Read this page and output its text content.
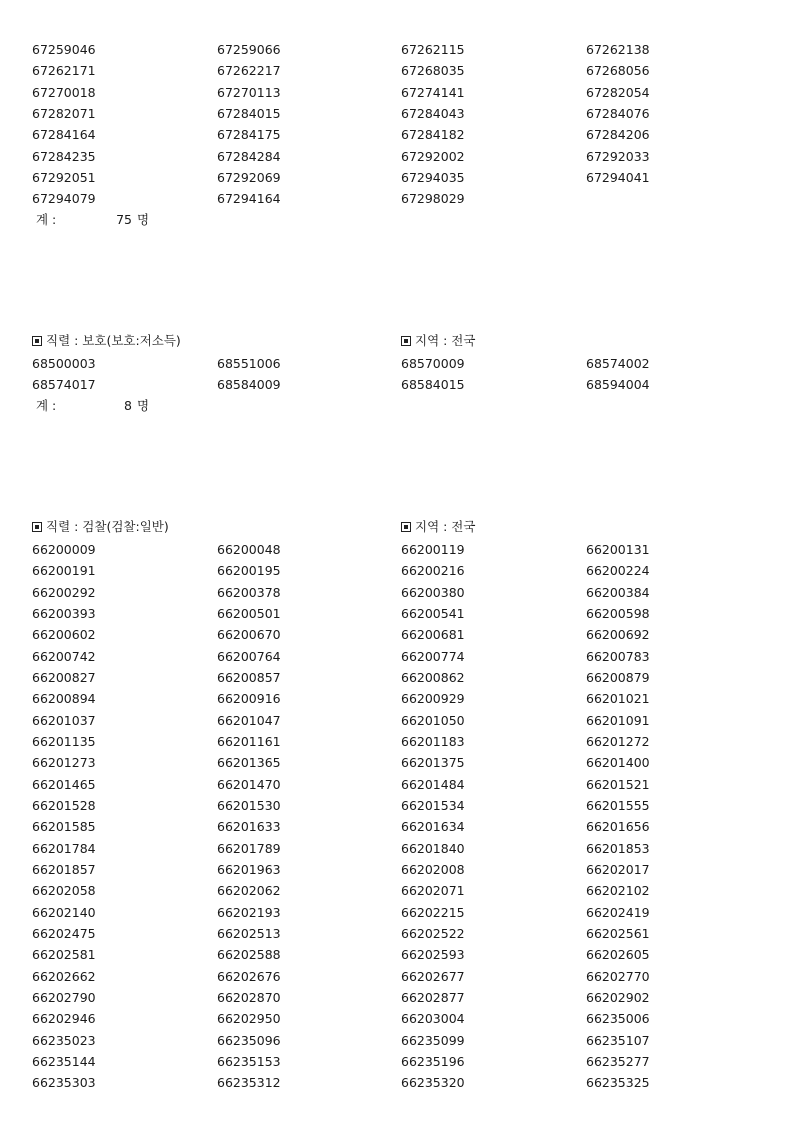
67259046	67259066	67262115	67262138
67262171	67262217	67268035	67268056
67270018	67270113	67274141	67282054
67282071	67284015	67284043	67284076
67284164	67284175	67284182	67284206
67284235	67284284	67292002	67292033
67292051	67292069	67294035	67294041
67294079	67294164	67298029
계 :	75 명
직렬 : 보호(보호:저소득)	지역 : 전국
68500003	68551006	68570009	68574002
68574017	68584009	68584015	68594004
계 :	8 명
직렬 : 검찰(검찰:일반)	지역 : 전국
66200009	66200048	66200119	66200131
66200191	66200195	66200216	66200224
66200292	66200378	66200380	66200384
66200393	66200501	66200541	66200598
66200602	66200670	66200681	66200692
66200742	66200764	66200774	66200783
66200827	66200857	66200862	66200879
66200894	66200916	66200929	66201021
66201037	66201047	66201050	66201091
66201135	66201161	66201183	66201272
66201273	66201365	66201375	66201400
66201465	66201470	66201484	66201521
66201528	66201530	66201534	66201555
66201585	66201633	66201634	66201656
66201784	66201789	66201840	66201853
66201857	66201963	66202008	66202017
66202058	66202062	66202071	66202102
66202140	66202193	66202215	66202419
66202475	66202513	66202522	66202561
66202581	66202588	66202593	66202605
66202662	66202676	66202677	66202770
66202790	66202870	66202877	66202902
66202946	66202950	66203004	66235006
66235023	66235096	66235099	66235107
66235144	66235153	66235196	66235277
66235303	66235312	66235320	66235325
